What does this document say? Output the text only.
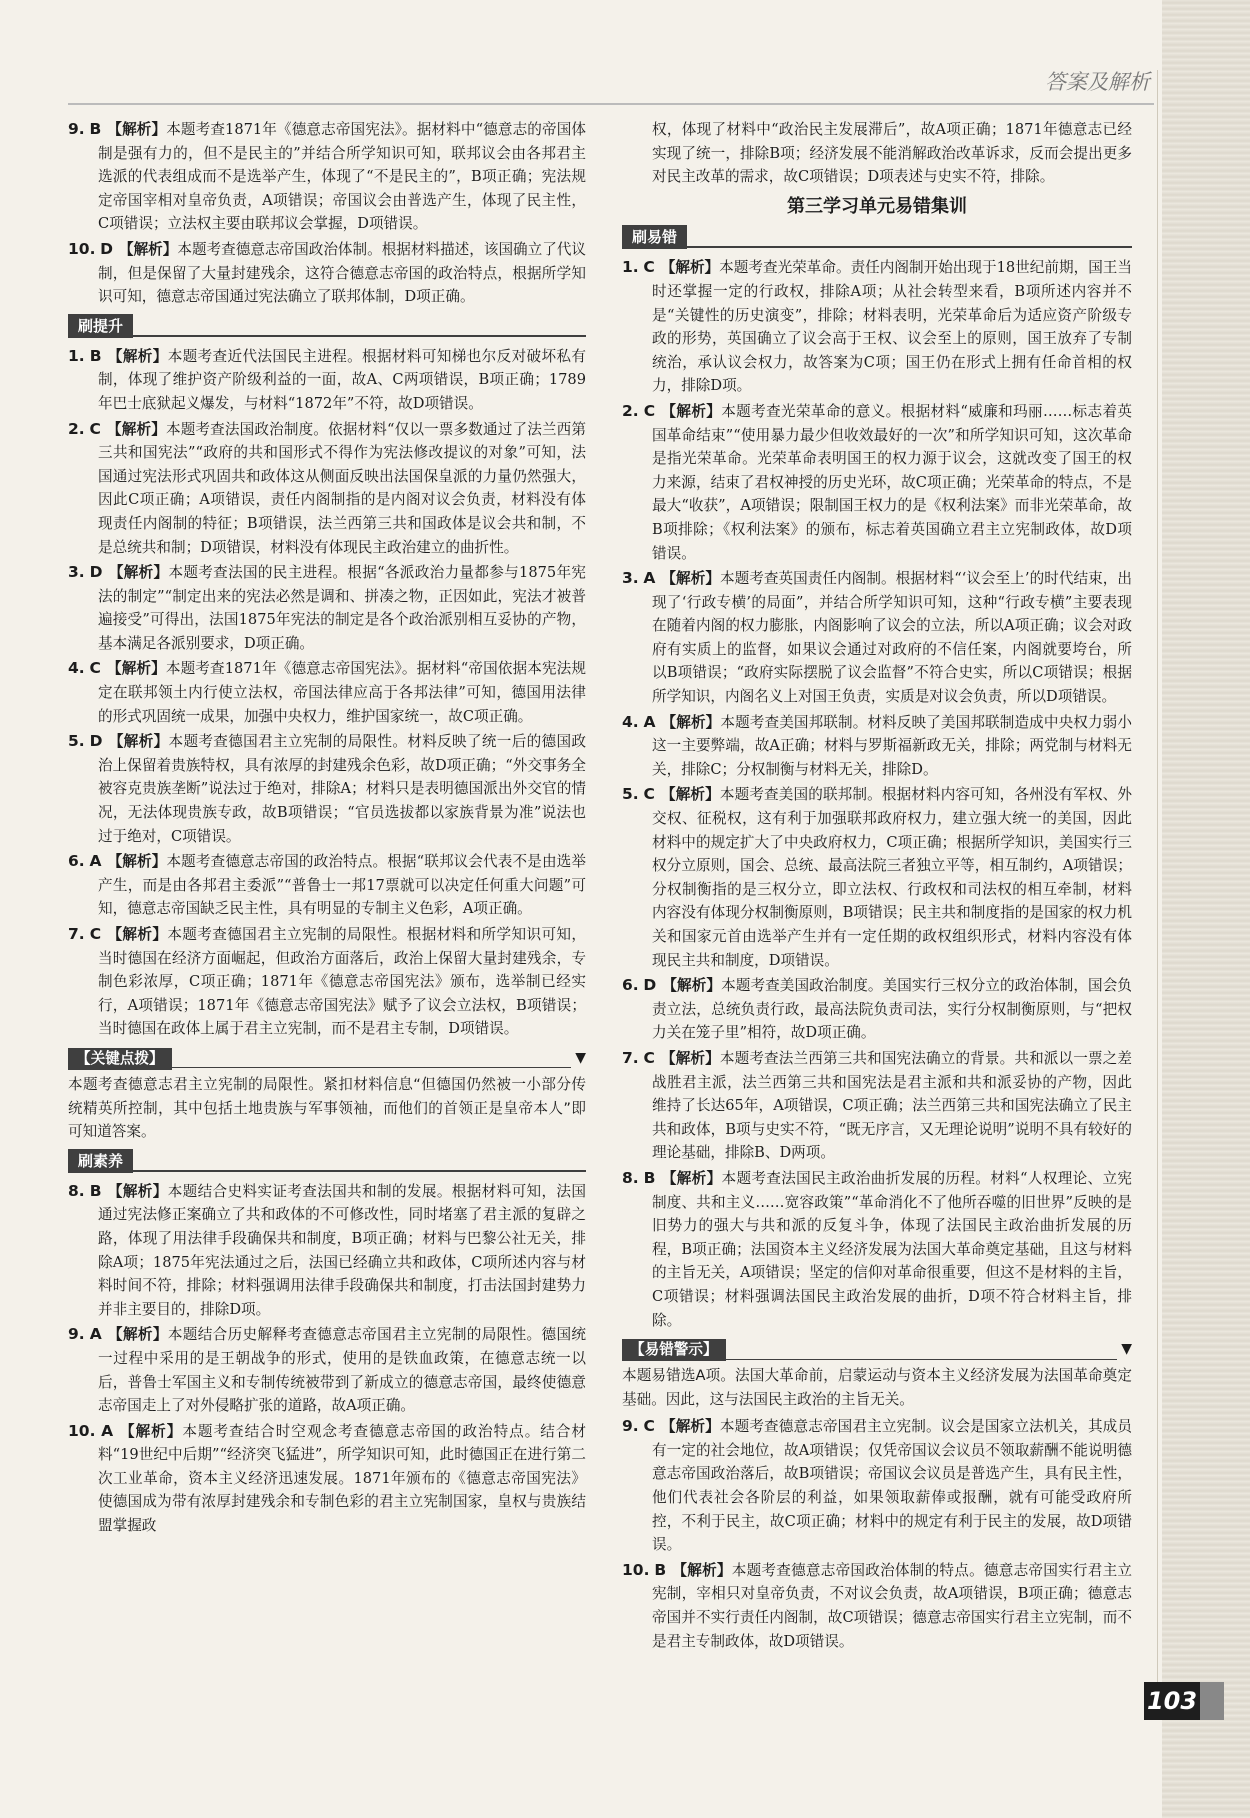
答案及解析
9. B 【解析】本题考查1871年《德意志帝国宪法》。据材料中“德意志的帝国体制是强有力的，但不是民主的”并结合所学知识可知，联邦议会由各邦君主选派的代表组成而不是选举产生，体现了“不是民主的”，B项正确；宪法规定帝国宰相对皇帝负责，A项错误；帝国议会由普选产生，体现了民主性，C项错误；立法权主要由联邦议会掌握，D项错误。
10. D 【解析】本题考查德意志帝国政治体制。根据材料描述，该国确立了代议制，但是保留了大量封建残余，这符合德意志帝国的政治特点，根据所学知识可知，德意志帝国通过宪法确立了联邦体制，D项正确。
刷提升
1. B 【解析】本题考查近代法国民主进程。根据材料可知梯也尔反对破坏私有制，体现了维护资产阶级利益的一面，故A、C两项错误，B项正确；1789年巴士底狱起义爆发，与材料“1872年”不符，故D项错误。
2. C 【解析】本题考查法国政治制度。依据材料“仅以一票多数通过了法兰西第三共和国宪法”“政府的共和国形式不得作为宪法修改提议的对象”可知，法国通过宪法形式巩固共和政体这从侧面反映出法国保皇派的力量仍然强大，因此C项正确；A项错误，责任内阁制指的是内阁对议会负责，材料没有体现责任内阁制的特征；B项错误，法兰西第三共和国政体是议会共和制，不是总统共和制；D项错误，材料没有体现民主政治建立的曲折性。
3. D 【解析】本题考查法国的民主进程。根据“各派政治力量都参与1875年宪法的制定”“制定出来的宪法必然是调和、拼凑之物，正因如此，宪法才被普遍接受”可得出，法国1875年宪法的制定是各个政治派别相互妥协的产物，基本满足各派别要求，D项正确。
4. C 【解析】本题考查1871年《德意志帝国宪法》。据材料“帝国依据本宪法规定在联邦领土内行使立法权，帝国法律应高于各邦法律”可知，德国用法律的形式巩固统一成果，加强中央权力，维护国家统一，故C项正确。
5. D 【解析】本题考查德国君主立宪制的局限性。材料反映了统一后的德国政治上保留着贵族特权，具有浓厚的封建残余色彩，故D项正确；“外交事务全被容克贵族垄断”说法过于绝对，排除A；材料只是表明德国派出外交官的情况，无法体现贵族专政，故B项错误；“官员选拔都以家族背景为准”说法也过于绝对，C项错误。
6. A 【解析】本题考查德意志帝国的政治特点。根据“联邦议会代表不是由选举产生，而是由各邦君主委派”“普鲁士一邦17票就可以决定任何重大问题”可知，德意志帝国缺乏民主性，具有明显的专制主义色彩，A项正确。
7. C 【解析】本题考查德国君主立宪制的局限性。根据材料和所学知识可知，当时德国在经济方面崛起，但政治方面落后，政治上保留大量封建残余，专制色彩浓厚，C项正确；1871年《德意志帝国宪法》颁布，选举制已经实行，A项错误；1871年《德意志帝国宪法》赋予了议会立法权，B项错误；当时德国在政体上属于君主立宪制，而不是君主专制，D项错误。
【关键点拨】	▼
本题考查德意志君主立宪制的局限性。紧扣材料信息“但德国仍然被一小部分传统精英所控制，其中包括土地贵族与军事领袖，而他们的首领正是皇帝本人”即可知道答案。
刷素养
8. B 【解析】本题结合史料实证考查法国共和制的发展。根据材料可知，法国通过宪法修正案确立了共和政体的不可修改性，同时堵塞了君主派的复辟之路，体现了用法律手段确保共和制度，B项正确；材料与巴黎公社无关，排除A项；1875年宪法通过之后，法国已经确立共和政体，C项所述内容与材料时间不符，排除；材料强调用法律手段确保共和制度，打击法国封建势力并非主要目的，排除D项。
9. A 【解析】本题结合历史解释考查德意志帝国君主立宪制的局限性。德国统一过程中采用的是王朝战争的形式，使用的是铁血政策，在德意志统一以后，普鲁士军国主义和专制传统被带到了新成立的德意志帝国，最终使德意志帝国走上了对外侵略扩张的道路，故A项正确。
10. A 【解析】本题考查结合时空观念考查德意志帝国的政治特点。结合材料“19世纪中后期”“经济突飞猛进”，所学知识可知，此时德国正在进行第二次工业革命，资本主义经济迅速发展。1871年颁布的《德意志帝国宪法》使德国成为带有浓厚封建残余和专制色彩的君主立宪制国家，皇权与贵族结盟掌握政
权，体现了材料中“政治民主发展滞后”，故A项正确；1871年德意志已经实现了统一，排除B项；经济发展不能消解政治改革诉求，反而会提出更多对民主改革的需求，故C项错误；D项表述与史实不符，排除。
第三学习单元易错集训
刷易错
1. C 【解析】本题考查光荣革命。责任内阁制开始出现于18世纪前期，国王当时还掌握一定的行政权，排除A项；从社会转型来看，B项所述内容并不是“关键性的历史演变”，排除；材料表明，光荣革命后为适应资产阶级专政的形势，英国确立了议会高于王权、议会至上的原则，国王放弃了专制统治，承认议会权力，故答案为C项；国王仍在形式上拥有任命首相的权力，排除D项。
2. C 【解析】本题考查光荣革命的意义。根据材料“威廉和玛丽……标志着英国革命结束”“使用暴力最少但收效最好的一次”和所学知识可知，这次革命是指光荣革命。光荣革命表明国王的权力源于议会，这就改变了国王的权力来源，结束了君权神授的历史光环，故C项正确；光荣革命的特点，不是最大“收获”，A项错误；限制国王权力的是《权利法案》而非光荣革命，故B项排除；《权利法案》的颁布，标志着英国确立君主立宪制政体，故D项错误。
3. A 【解析】本题考查英国责任内阁制。根据材料“‘议会至上’的时代结束，出现了‘行政专横’的局面”，并结合所学知识可知，这种“行政专横”主要表现在随着内阁的权力膨胀，内阁影响了议会的立法，所以A项正确；议会对政府有实质上的监督，如果议会通过对政府的不信任案，内阁就要垮台，所以B项错误；“政府实际摆脱了议会监督”不符合史实，所以C项错误；根据所学知识，内阁名义上对国王负责，实质是对议会负责，所以D项错误。
4. A 【解析】本题考查美国邦联制。材料反映了美国邦联制造成中央权力弱小这一主要弊端，故A正确；材料与罗斯福新政无关，排除；两党制与材料无关，排除C；分权制衡与材料无关，排除D。
5. C 【解析】本题考查美国的联邦制。根据材料内容可知，各州没有军权、外交权、征税权，这有利于加强联邦政府权力，建立强大统一的美国，因此材料中的规定扩大了中央政府权力，C项正确；根据所学知识，美国实行三权分立原则，国会、总统、最高法院三者独立平等，相互制约，A项错误；分权制衡指的是三权分立，即立法权、行政权和司法权的相互牵制，材料内容没有体现分权制衡原则，B项错误；民主共和制度指的是国家的权力机关和国家元首由选举产生并有一定任期的政权组织形式，材料内容没有体现民主共和制度，D项错误。
6. D 【解析】本题考查美国政治制度。美国实行三权分立的政治体制，国会负责立法，总统负责行政，最高法院负责司法，实行分权制衡原则，与“把权力关在笼子里”相符，故D项正确。
7. C 【解析】本题考查法兰西第三共和国宪法确立的背景。共和派以一票之差战胜君主派，法兰西第三共和国宪法是君主派和共和派妥协的产物，因此维持了长达65年，A项错误，C项正确；法兰西第三共和国宪法确立了民主共和政体，B项与史实不符，“既无序言，又无理论说明”说明不具有较好的理论基础，排除B、D两项。
8. B 【解析】本题考查法国民主政治曲折发展的历程。材料“人权理论、立宪制度、共和主义……宽容政策”“革命消化不了他所吞噬的旧世界”反映的是旧势力的强大与共和派的反复斗争，体现了法国民主政治曲折发展的历程，B项正确；法国资本主义经济发展为法国大革命奠定基础，且这与材料的主旨无关，A项错误；坚定的信仰对革命很重要，但这不是材料的主旨，C项错误；材料强调法国民主政治发展的曲折，D项不符合材料主旨，排除。
【易错警示】	▼
本题易错选A项。法国大革命前，启蒙运动与资本主义经济发展为法国革命奠定基础。因此，这与法国民主政治的主旨无关。
9. C 【解析】本题考查德意志帝国君主立宪制。议会是国家立法机关，其成员有一定的社会地位，故A项错误；仅凭帝国议会议员不领取薪酬不能说明德意志帝国政治落后，故B项错误；帝国议会议员是普选产生，具有民主性，他们代表社会各阶层的利益，如果领取薪俸或报酬，就有可能受政府所控，不利于民主，故C项正确；材料中的规定有利于民主的发展，故D项错误。
10. B 【解析】本题考查德意志帝国政治体制的特点。德意志帝国实行君主立宪制，宰相只对皇帝负责，不对议会负责，故A项错误，B项正确；德意志帝国并不实行责任内阁制，故C项错误；德意志帝国实行君主立宪制，而不是君主专制政体，故D项错误。
103
